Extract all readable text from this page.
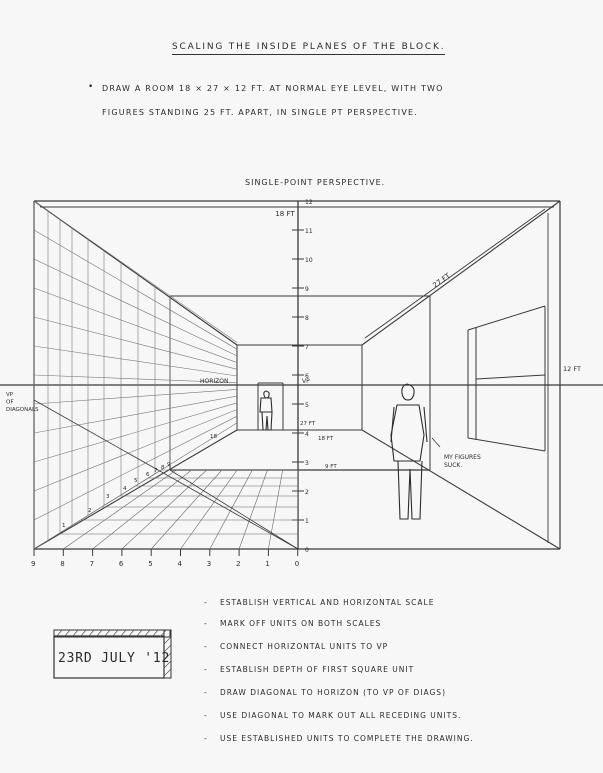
SCALING THE INSIDE PLANES OF THE BLOCK.
• DRAW A ROOM 18 × 27 × 12 FT. AT NORMAL EYE LEVEL, WITH TWO
FIGURES STANDING 25 FT. APART, IN SINGLE PT PERSPECTIVE.
SINGLE-POINT PERSPECTIVE.
12
11
10
9
8
7
6
5
4
3
2
1
0
9	8	7	6	5	4	3	2	1	0
1
2
3
4
5
6
7 8 9
18 FT
27 FT
12 FT
HORIZON	VP
VP
OF
DIAGONALS
27 FT
18 FT
9 FT
18
MY FIGURES
SUCK.
- ESTABLISH VERTICAL AND HORIZONTAL SCALE
- MARK OFF UNITS ON BOTH SCALES
- CONNECT HORIZONTAL UNITS TO VP
- ESTABLISH DEPTH OF FIRST SQUARE UNIT
- DRAW DIAGONAL TO HORIZON (TO VP OF DIAGS)
- USE DIAGONAL TO MARK OUT ALL RECEDING UNITS.
- USE ESTABLISHED UNITS TO COMPLETE THE DRAWING.
23RD JULY '12
